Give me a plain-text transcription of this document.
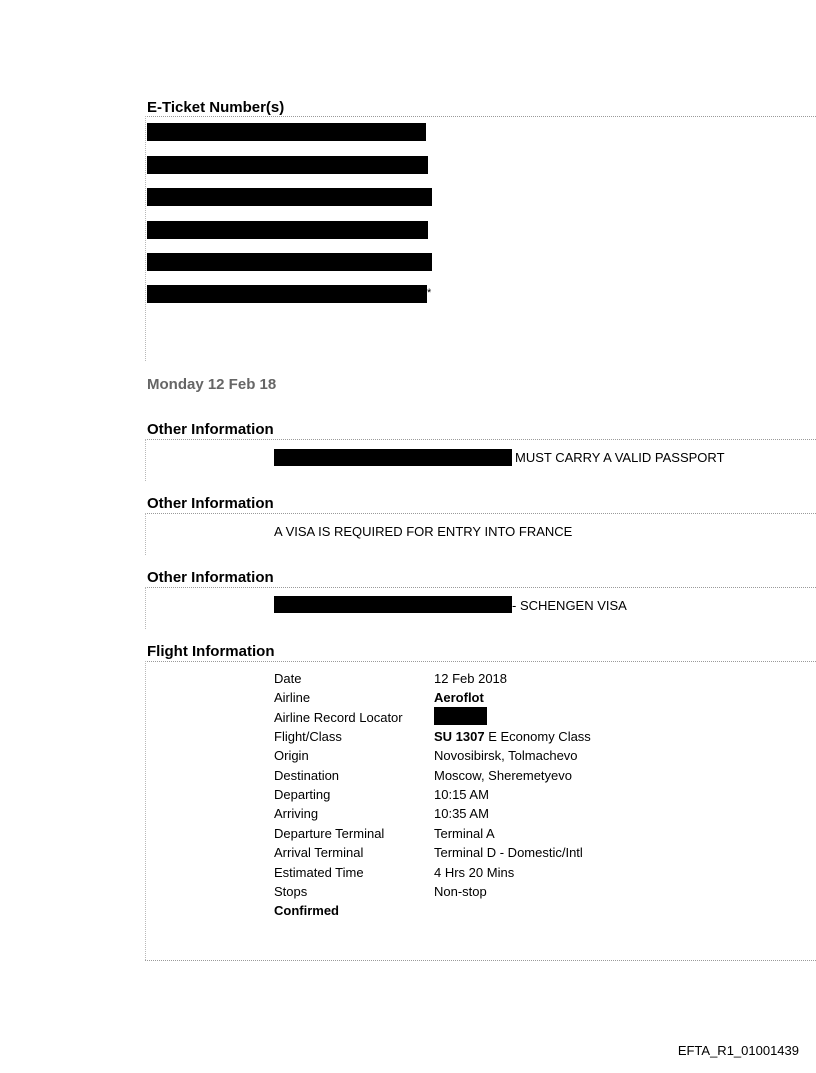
E-Ticket Number(s)
*
Monday 12 Feb 18
Other Information
MUST CARRY A VALID PASSPORT
Other Information
A VISA IS REQUIRED FOR ENTRY INTO FRANCE
Other Information
- SCHENGEN VISA
Flight Information
Date	12 Feb 2018
Airline	Aeroflot
Airline Record Locator
Flight/Class	SU 1307 E Economy Class
Origin	Novosibirsk, Tolmachevo
Destination	Moscow, Sheremetyevo
Departing	10:15 AM
Arriving	10:35 AM
Departure Terminal	Terminal A
Arrival Terminal	Terminal D - Domestic/Intl
Estimated Time	4 Hrs 20 Mins
Stops	Non-stop
Confirmed
EFTA_R1_01001439
